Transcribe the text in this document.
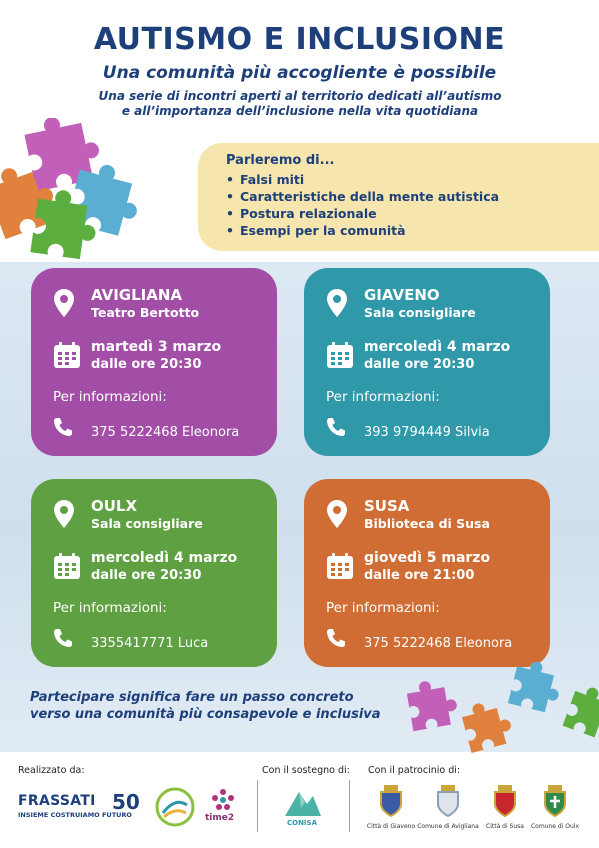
AUTISMO E INCLUSIONE
Una comunità più accogliente è possibile
Una serie di incontri aperti al territorio dedicati all’autismo
e all’importanza dell’inclusione nella vita quotidiana
Parleremo di...
• Falsi miti
• Caratteristiche della mente autistica
• Postura relazionale
• Esempi per la comunità
AVIGLIANA
Teatro Bertotto
martedì 3 marzo
dalle ore 20:30
Per informazioni:
375 5222468 Eleonora
GIAVENO
Sala consigliare
mercoledì 4 marzo
dalle ore 20:30
Per informazioni:
393 9794449 Silvia
OULX
Sala consigliare
mercoledì 4 marzo
dalle ore 20:30
Per informazioni:
3355417771 Luca
SUSA
Biblioteca di Susa
giovedì 5 marzo
dalle ore 21:00
Per informazioni:
375 5222468 Eleonora
Partecipare significa fare un passo concreto
verso una comunità più consapevole e inclusiva
Realizzato da:	Con il sostegno di: Con il patrocinio di:
FRASSATI
INSIEME COSTRUIAMO FUTURO
50
time2	CONISA	Città di Giaveno Comune di Avigliana	Città di Susa	Comune di Oulx
